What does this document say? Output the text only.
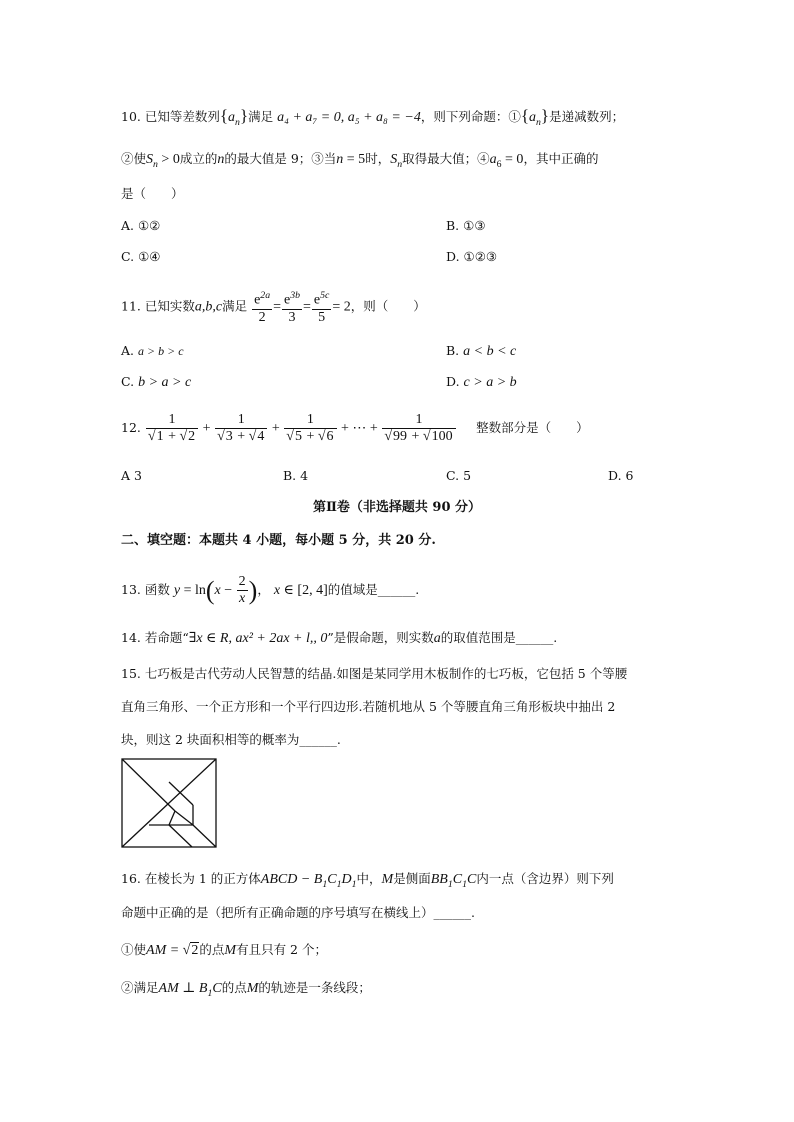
10. 已知等差数列$\{a_n\}$满足 a₄ + a₇ = 0, a₅ + a₈ = −4，则下列命题：$①\{a_n\}$是递减数列；
②使$S_n > 0$成立的n的最大值是 9；③当n = 5时，$S_n$取得最大值；$④a_6 = 0$，其中正确的
是（　　）
A. ①②	B. ①③
C. ①④	D. ①②③
11. 已知实数a,b,c满足 $\frac{e^{2a}}{2} = \frac{e^{3b}}{3} = \frac{e^{5c}}{5} = 2$，则（　　）
A. a > b > c	B. a < b < c
C. b > a > c	D. c > a > b
12. $\frac{1}{√1 + √2} + \frac{1}{√3 + √4} + \frac{1}{√5 + √6}$ + ⋯ + $\frac{1}{√99 + √100}$ 整数部分是（　　）
A 3	B. 4	C. 5	D. 6
第Ⅱ卷（非选择题共 90 分）
二、填空题：本题共 4 小题，每小题 5 分，共 20 分.
13. 函数 $y = \ln(x - \frac{2}{x}$ )， x ∈ [2, 4]的值域是______.
14. 若命题“∃x ∈ R, ax² + 2ax + l,, 0”是假命题，则实数a的取值范围是______.
15. 七巧板是古代劳动人民智慧的结晶.如图是某同学用木板制作的七巧板，它包括 5 个等腰
直角三角形、一个正方形和一个平行四边形.若随机地从 5 个等腰直角三角形板块中抽出 2
块，则这 2 块面积相等的概率为______.
16. 在棱长为 1 的正方体ABCD − $B_1C_1D_1$中，M是侧面$BB_1C_1C$内一点（含边界）则下列
命题中正确的是（把所有正确命题的序号填写在横线上）______.
①使AM = √2的点M有且只有 2 个；
②满足AM ⊥ $B_1C$的点M的轨迹是一条线段；
